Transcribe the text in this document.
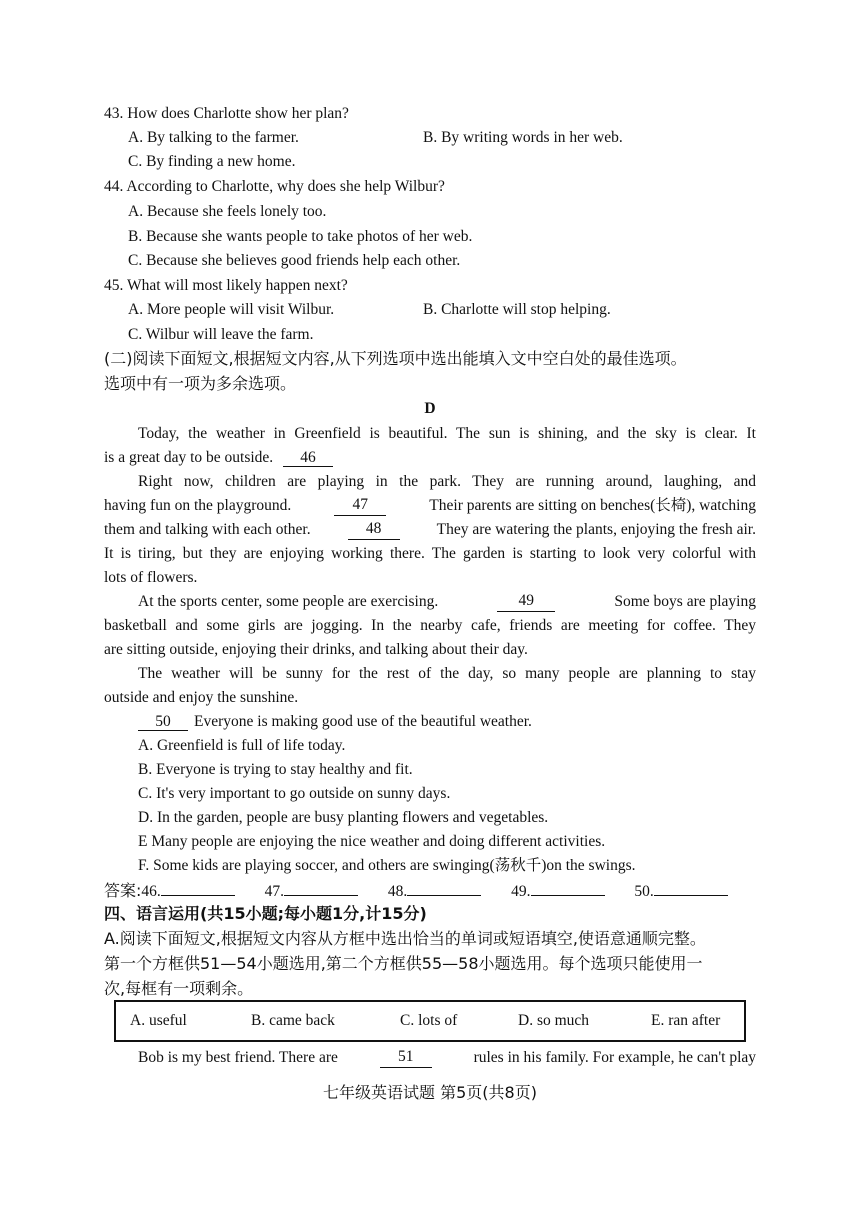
43. How does Charlotte show her plan?
A. By talking to the farmer.	B. By writing words in her web.
C. By finding a new home.
44. According to Charlotte, why does she help Wilbur?
A. Because she feels lonely too.
B. Because she wants people to take photos of her web.
C. Because she believes good friends help each other.
45. What will most likely happen next?
A. More people will visit Wilbur.	B. Charlotte will stop helping.
C. Wilbur will leave the farm.
(二)阅读下面短文,根据短文内容,从下列选项中选出能填入文中空白处的最佳选项。
选项中有一项为多余选项。
D
Today, the weather in Greenfield is beautiful. The sun is shining, and the sky is clear. It
is a great day to be outside. 46
Right now, children are playing in the park. They are running around, laughing, and
having fun on the playground.	47	Their parents are sitting on benches(长椅), watching
them and talking with each other.	48	They are watering the plants, enjoying the fresh air.
It is tiring, but they are enjoying working there. The garden is starting to look very colorful with
lots of flowers.
At the sports center, some people are exercising.	49	Some boys are playing
basketball and some girls are jogging. In the nearby cafe, friends are meeting for coffee. They
are sitting outside, enjoying their drinks, and talking about their day.
The weather will be sunny for the rest of the day, so many people are planning to stay
outside and enjoy the sunshine.
50 Everyone is making good use of the beautiful weather.
A. Greenfield is full of life today.
B. Everyone is trying to stay healthy and fit.
C. It's very important to go outside on sunny days.
D. In the garden, people are busy planting flowers and vegetables.
E Many people are enjoying the nice weather and doing different activities.
F. Some kids are playing soccer, and others are swinging(荡秋千)on the swings.
答案:46.	47.	48.	49.	50.
四、语言运用(共15小题;每小题1分,计15分)
A.阅读下面短文,根据短文内容从方框中选出恰当的单词或短语填空,使语意通顺完整。
第一个方框供51—54小题选用,第二个方框供55—58小题选用。每个选项只能使用一
次,每框有一项剩余。
A. useful	B. came back	C. lots of	D. so much	E. ran after
Bob is my best friend. There are	51	rules in his family. For example, he can't play
七年级英语试题 第5页(共8页)
